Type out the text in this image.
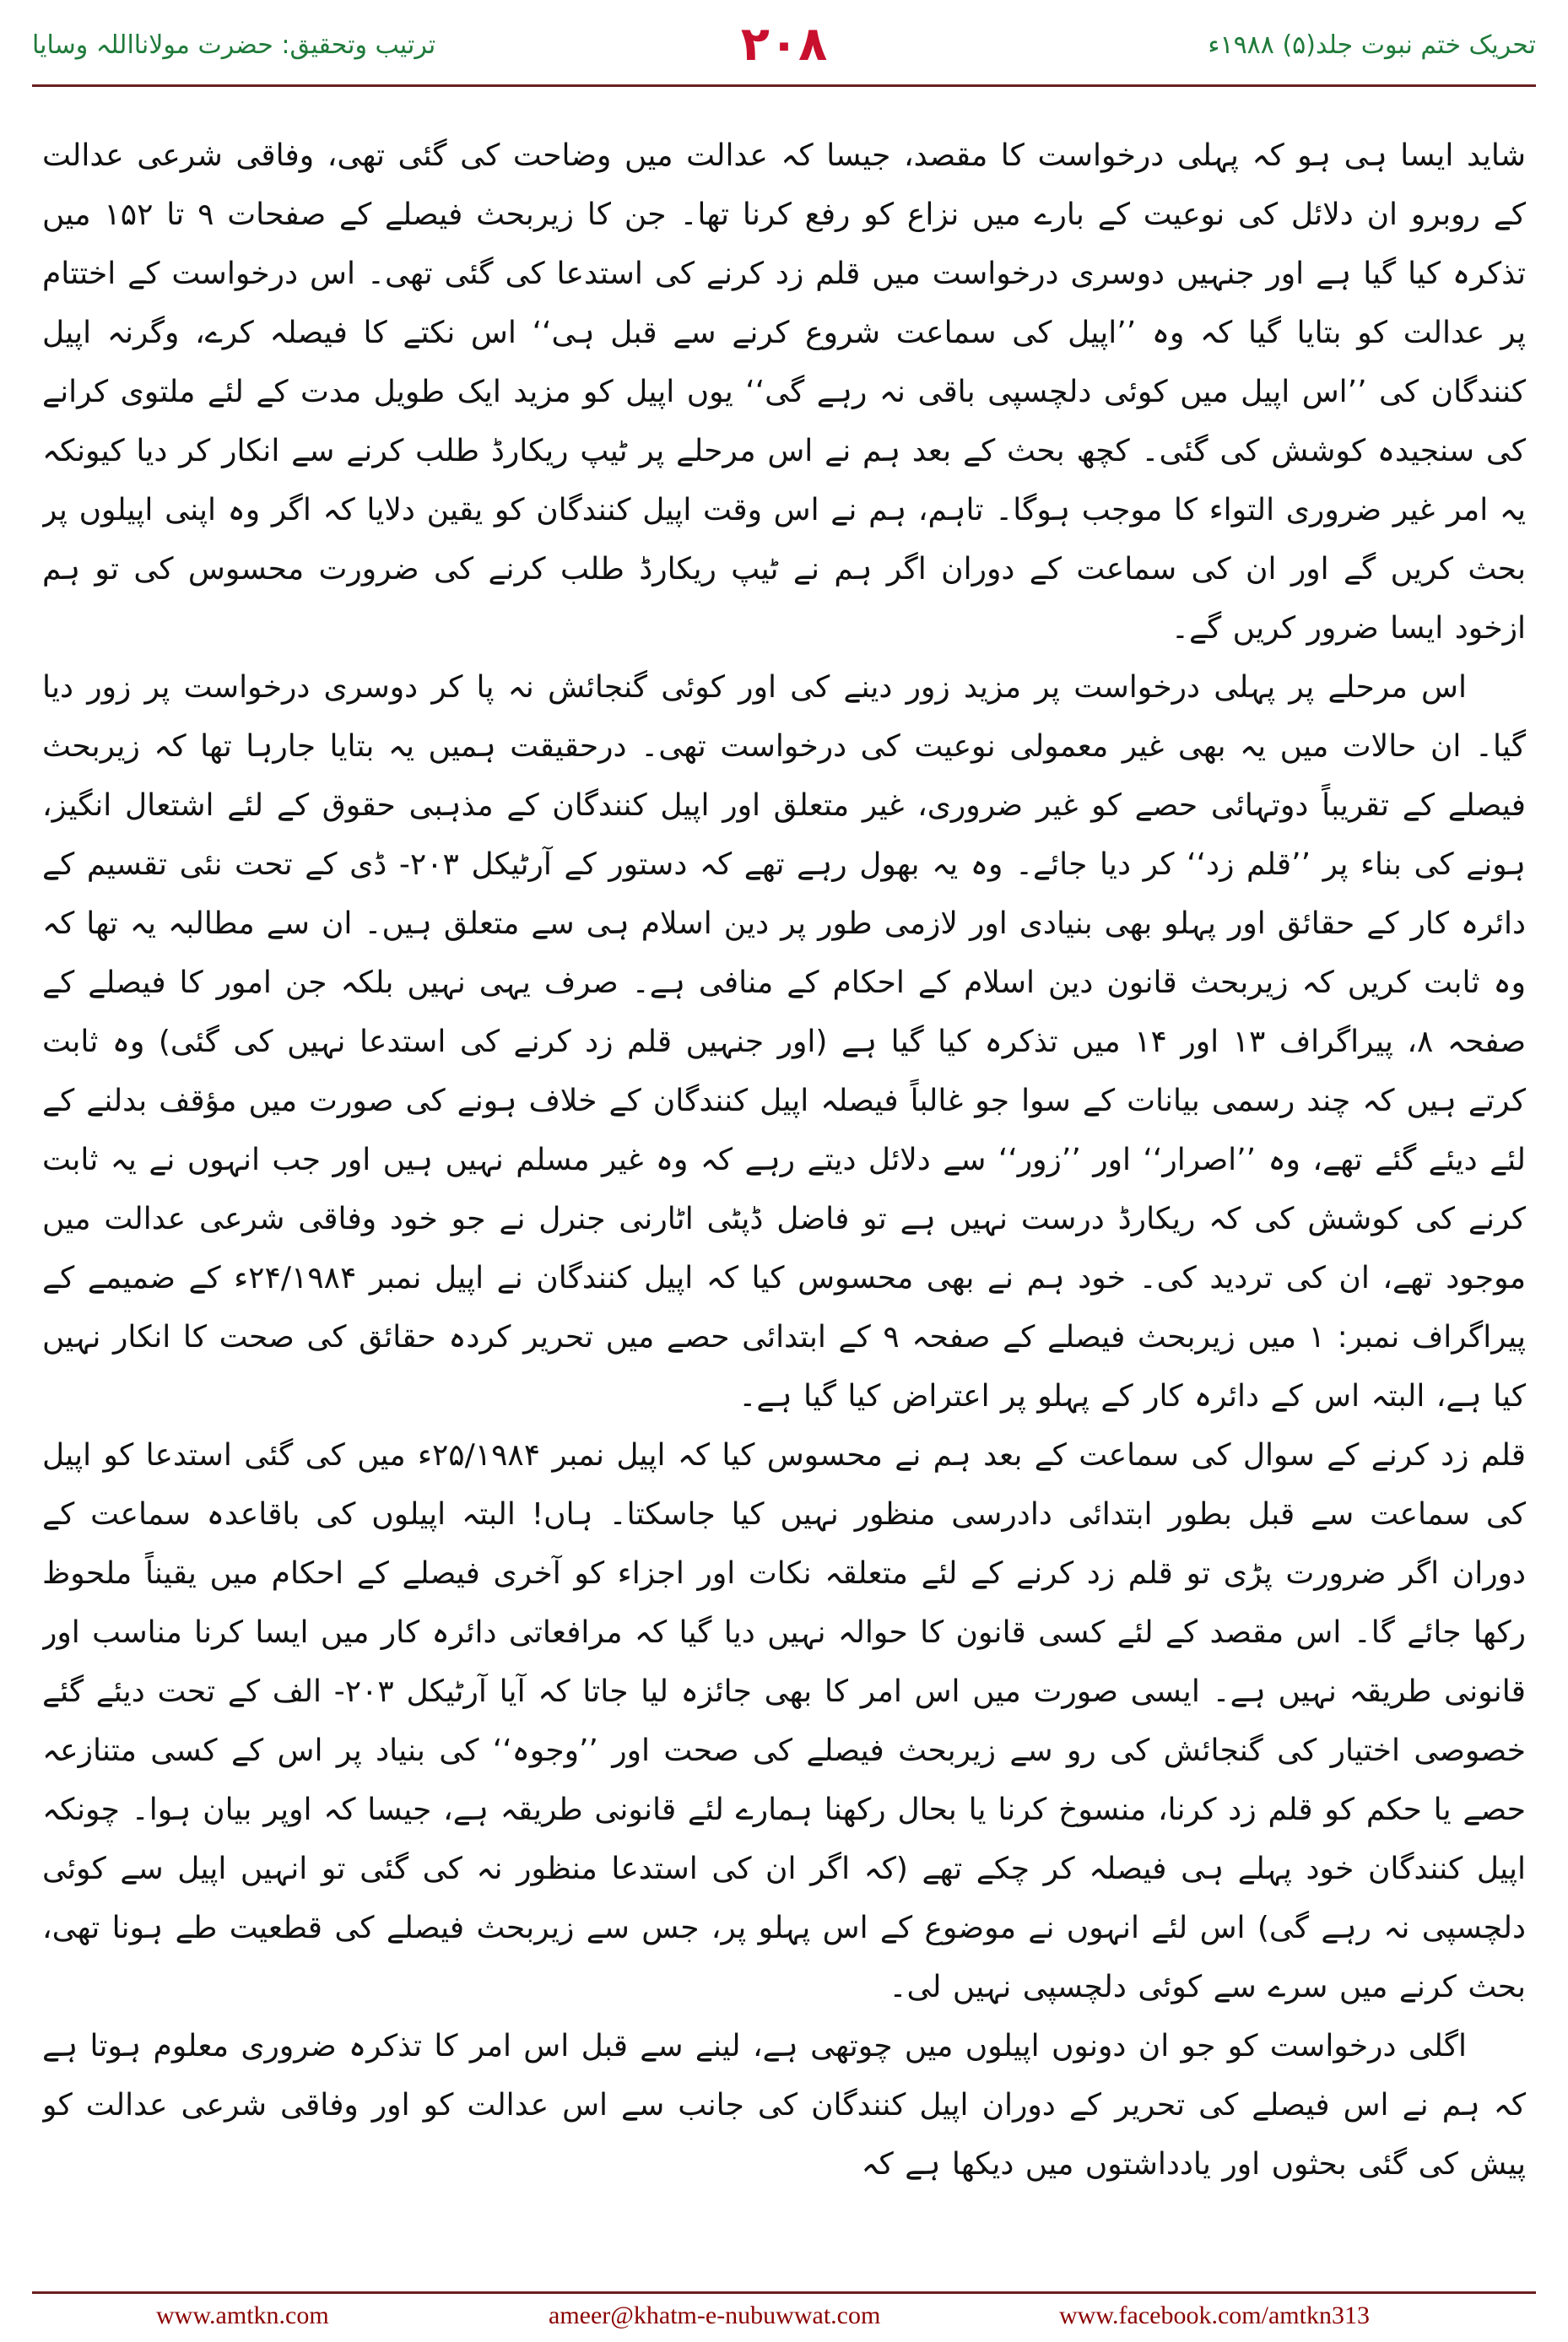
ترتیب وتحقیق: حضرت مولانااللہ وسایا	۲۰۸	تحریک ختم نبوت جلد(۵) ۱۹۸۸ء

شاید ایسا ہی ہو کہ پہلی درخواست کا مقصد، جیسا کہ عدالت میں وضاحت کی گئی تھی، وفاقی شرعی عدالت کے روبرو ان دلائل کی نوعیت کے بارے میں نزاع کو رفع کرنا تھا۔ جن کا زیربحث فیصلے کے صفحات ۹ تا ۱۵۲ میں تذکرہ کیا گیا ہے اور جنہیں دوسری درخواست میں قلم زد کرنے کی استدعا کی گئی تھی۔ اس درخواست کے اختتام پر عدالت کو بتایا گیا کہ وہ ’’اپیل کی سماعت شروع کرنے سے قبل ہی‘‘ اس نکتے کا فیصلہ کرے، وگرنہ اپیل کنندگان کی ’’اس اپیل میں کوئی دلچسپی باقی نہ رہے گی‘‘ یوں اپیل کو مزید ایک طویل مدت کے لئے ملتوی کرانے کی سنجیدہ کوشش کی گئی۔ کچھ بحث کے بعد ہم نے اس مرحلے پر ٹیپ ریکارڈ طلب کرنے سے انکار کر دیا کیونکہ یہ امر غیر ضروری التواء کا موجب ہوگا۔ تاہم، ہم نے اس وقت اپیل کنندگان کو یقین دلایا کہ اگر وہ اپنی اپیلوں پر بحث کریں گے اور ان کی سماعت کے دوران اگر ہم نے ٹیپ ریکارڈ طلب کرنے کی ضرورت محسوس کی تو ہم ازخود ایسا ضرور کریں گے۔

اس مرحلے پر پہلی درخواست پر مزید زور دینے کی اور کوئی گنجائش نہ پا کر دوسری درخواست پر زور دیا گیا۔ ان حالات میں یہ بھی غیر معمولی نوعیت کی درخواست تھی۔ درحقیقت ہمیں یہ بتایا جارہا تھا کہ زیربحث فیصلے کے تقریباً دوتہائی حصے کو غیر ضروری، غیر متعلق اور اپیل کنندگان کے مذہبی حقوق کے لئے اشتعال انگیز، ہونے کی بناء پر ’’قلم زد‘‘ کر دیا جائے۔ وہ یہ بھول رہے تھے کہ دستور کے آرٹیکل ۲۰۳- ڈی کے تحت نئی تقسیم کے دائرہ کار کے حقائق اور پہلو بھی بنیادی اور لازمی طور پر دین اسلام ہی سے متعلق ہیں۔ ان سے مطالبہ یہ تھا کہ وہ ثابت کریں کہ زیربحث قانون دین اسلام کے احکام کے منافی ہے۔ صرف یہی نہیں بلکہ جن امور کا فیصلے کے صفحہ ۸، پیراگراف ۱۳ اور ۱۴ میں تذکرہ کیا گیا ہے (اور جنہیں قلم زد کرنے کی استدعا نہیں کی گئی) وہ ثابت کرتے ہیں کہ چند رسمی بیانات کے سوا جو غالباً فیصلہ اپیل کنندگان کے خلاف ہونے کی صورت میں مؤقف بدلنے کے لئے دیئے گئے تھے، وہ ’’اصرار‘‘ اور ’’زور‘‘ سے دلائل دیتے رہے کہ وہ غیر مسلم نہیں ہیں اور جب انہوں نے یہ ثابت کرنے کی کوشش کی کہ ریکارڈ درست نہیں ہے تو فاضل ڈپٹی اٹارنی جنرل نے جو خود وفاقی شرعی عدالت میں موجود تھے، ان کی تردید کی۔ خود ہم نے بھی محسوس کیا کہ اپیل کنندگان نے اپیل نمبر ۲۴/۱۹۸۴ء کے ضمیمے کے پیراگراف نمبر: ۱ میں زیربحث فیصلے کے صفحہ ۹ کے ابتدائی حصے میں تحریر کردہ حقائق کی صحت کا انکار نہیں کیا ہے، البتہ اس کے دائرہ کار کے پہلو پر اعتراض کیا گیا ہے۔

قلم زد کرنے کے سوال کی سماعت کے بعد ہم نے محسوس کیا کہ اپیل نمبر ۲۵/۱۹۸۴ء میں کی گئی استدعا کو اپیل کی سماعت سے قبل بطور ابتدائی دادرسی منظور نہیں کیا جاسکتا۔ ہاں! البتہ اپیلوں کی باقاعدہ سماعت کے دوران اگر ضرورت پڑی تو قلم زد کرنے کے لئے متعلقہ نکات اور اجزاء کو آخری فیصلے کے احکام میں یقیناً ملحوظ رکھا جائے گا۔ اس مقصد کے لئے کسی قانون کا حوالہ نہیں دیا گیا کہ مرافعاتی دائرہ کار میں ایسا کرنا مناسب اور قانونی طریقہ نہیں ہے۔ ایسی صورت میں اس امر کا بھی جائزہ لیا جاتا کہ آیا آرٹیکل ۲۰۳- الف کے تحت دیئے گئے خصوصی اختیار کی گنجائش کی رو سے زیربحث فیصلے کی صحت اور ’’وجوہ‘‘ کی بنیاد پر اس کے کسی متنازعہ حصے یا حکم کو قلم زد کرنا، منسوخ کرنا یا بحال رکھنا ہمارے لئے قانونی طریقہ ہے، جیسا کہ اوپر بیان ہوا۔ چونکہ اپیل کنندگان خود پہلے ہی فیصلہ کر چکے تھے (کہ اگر ان کی استدعا منظور نہ کی گئی تو انہیں اپیل سے کوئی دلچسپی نہ رہے گی) اس لئے انہوں نے موضوع کے اس پہلو پر، جس سے زیربحث فیصلے کی قطعیت طے ہونا تھی، بحث کرنے میں سرے سے کوئی دلچسپی نہیں لی۔

اگلی درخواست کو جو ان دونوں اپیلوں میں چوتھی ہے، لینے سے قبل اس امر کا تذکرہ ضروری معلوم ہوتا ہے کہ ہم نے اس فیصلے کی تحریر کے دوران اپیل کنندگان کی جانب سے اس عدالت کو اور وفاقی شرعی عدالت کو پیش کی گئی بحثوں اور یادداشتوں میں دیکھا ہے کہ

www.amtkn.com	ameer@khatm-e-nubuwwat.com	www.facebook.com/amtkn313
